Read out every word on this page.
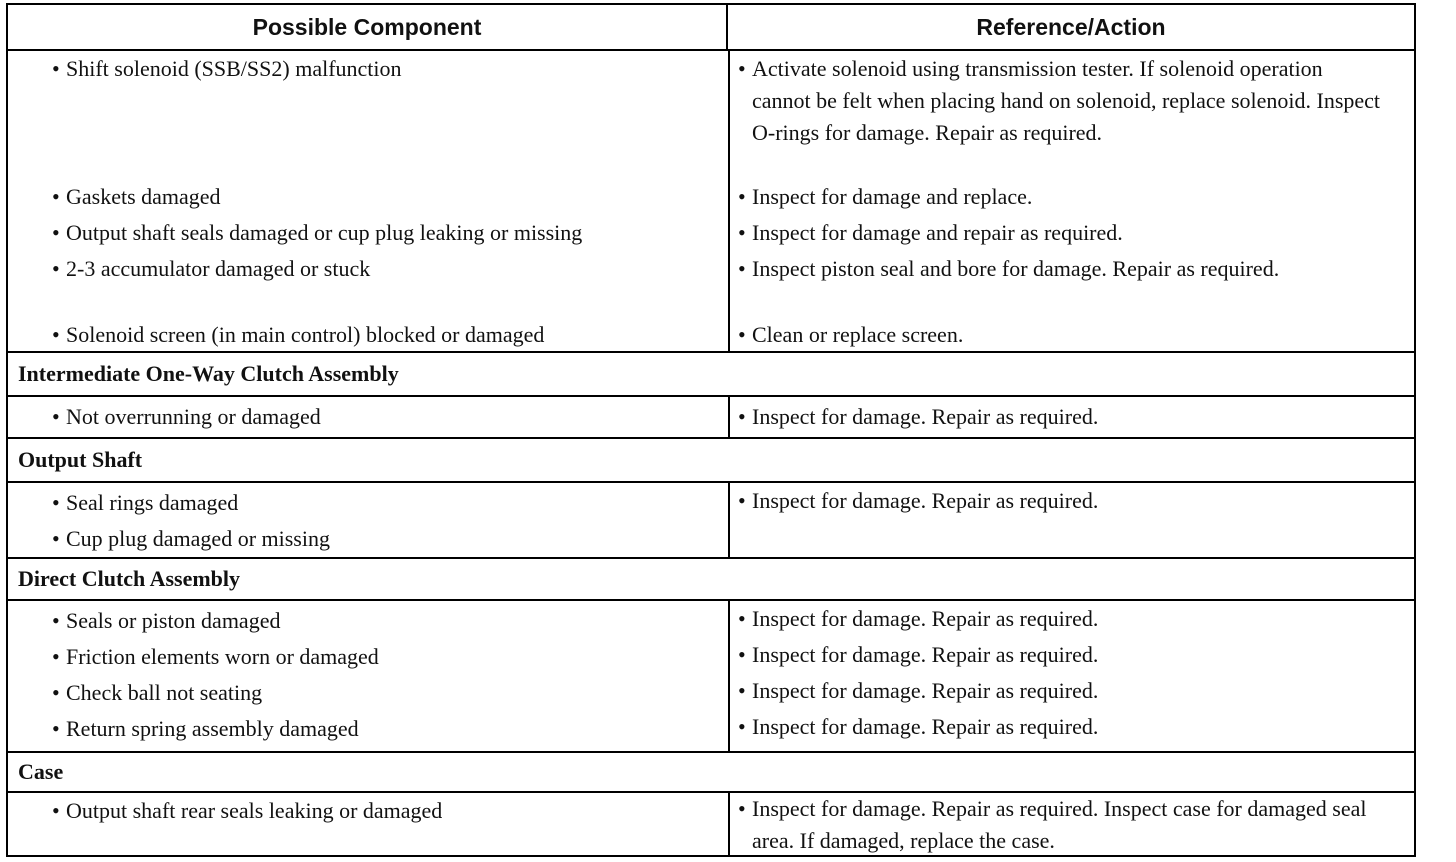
Possible Component	Reference/Action
• Shift solenoid (SSB/SS2) malfunction	• Activate solenoid using transmission tester. If solenoid operation cannot be felt when placing hand on solenoid, replace solenoid. Inspect O-rings for damage. Repair as required.
• Gaskets damaged	• Inspect for damage and replace.
• Output shaft seals damaged or cup plug leaking or missing	• Inspect for damage and repair as required.
• 2-3 accumulator damaged or stuck	• Inspect piston seal and bore for damage. Repair as required.
• Solenoid screen (in main control) blocked or damaged	• Clean or replace screen.
Intermediate One-Way Clutch Assembly
• Not overrunning or damaged	• Inspect for damage. Repair as required.
Output Shaft
• Seal rings damaged	• Inspect for damage. Repair as required.
• Cup plug damaged or missing
Direct Clutch Assembly
• Seals or piston damaged	• Inspect for damage. Repair as required.
• Friction elements worn or damaged	• Inspect for damage. Repair as required.
• Check ball not seating	• Inspect for damage. Repair as required.
• Return spring assembly damaged	• Inspect for damage. Repair as required.
Case
• Output shaft rear seals leaking or damaged	• Inspect for damage. Repair as required. Inspect case for damaged seal area. If damaged, replace the case.
